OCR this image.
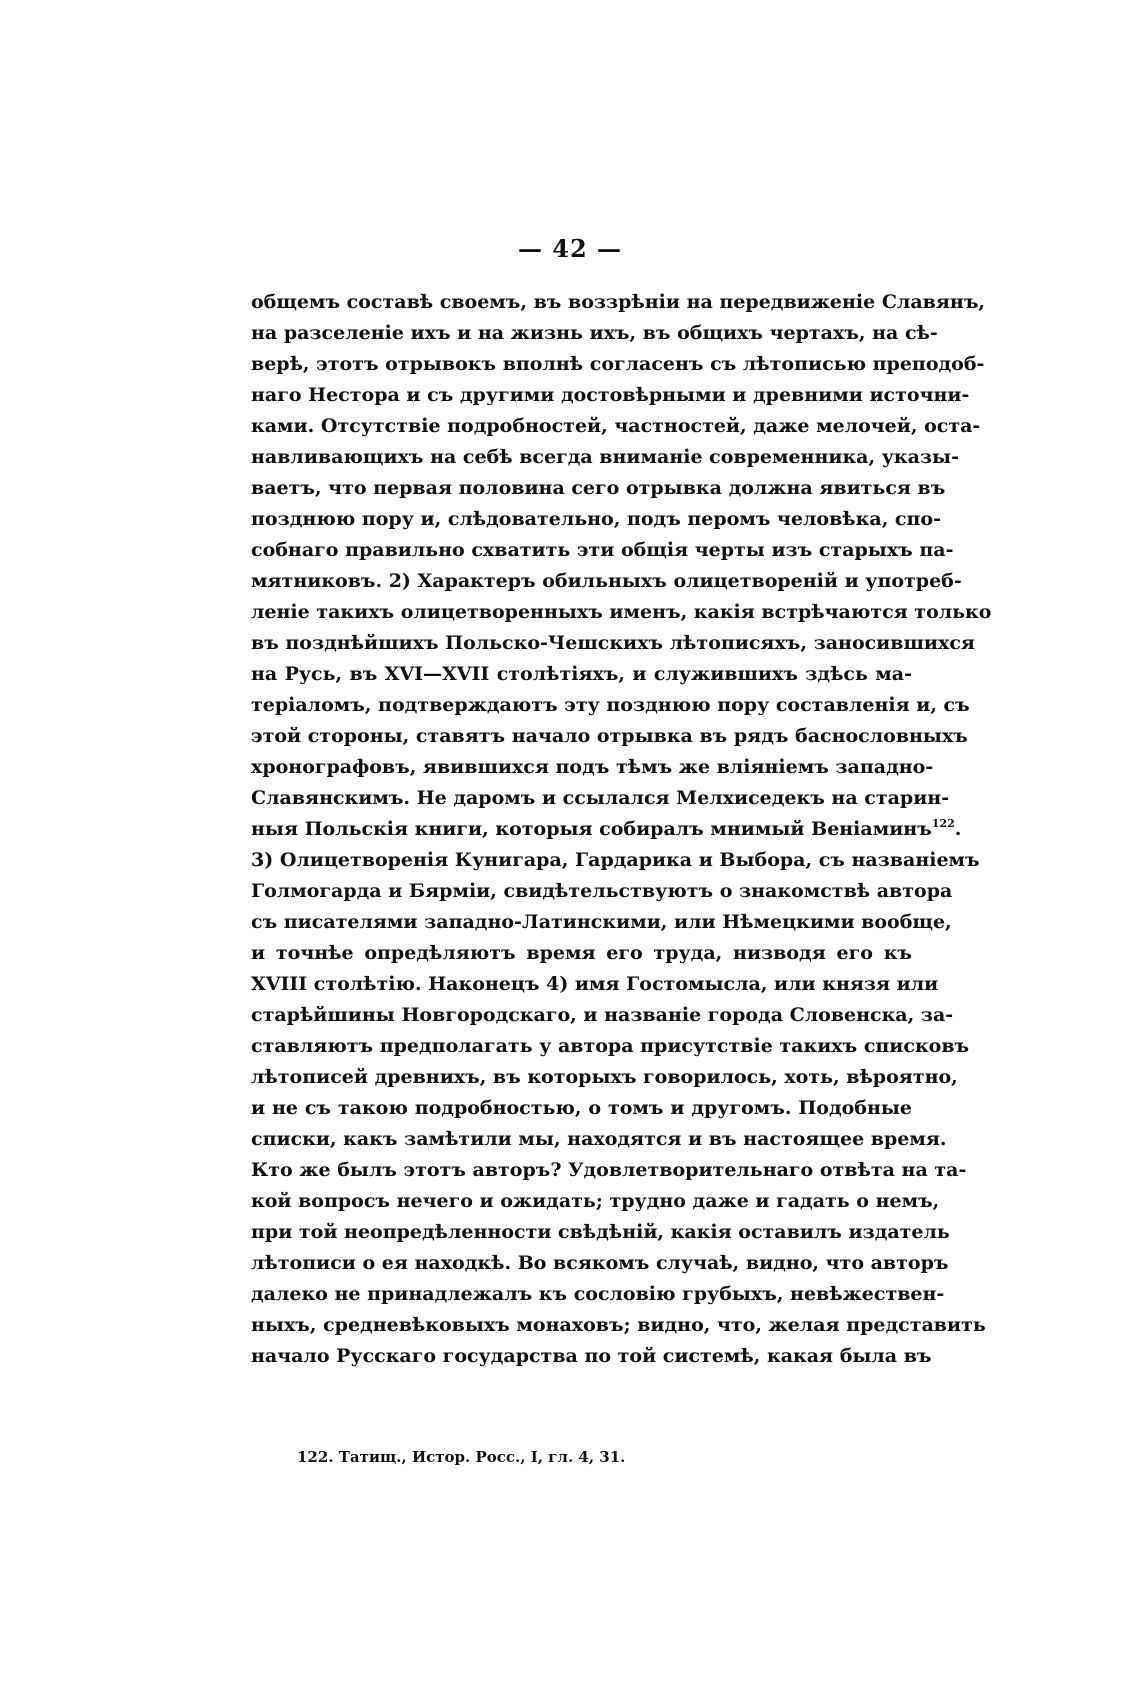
— 42 —
общемъ составѣ своемъ, въ воззрѣніи на передвиженіе Славянъ,
на разселеніе ихъ и на жизнь ихъ, въ общихъ чертахъ, на сѣ-
верѣ, этотъ отрывокъ вполнѣ согласенъ съ лѣтописью преподоб-
наго Нестора и съ другими достовѣрными и древними источни-
ками. Отсутствіе подробностей, частностей, даже мелочей, оста-
навливающихъ на себѣ всегда вниманіе современника, указы-
ваетъ, что первая половина сего отрывка должна явиться въ
позднюю пору и, слѣдовательно, подъ перомъ человѣка, спо-
собнаго правильно схватить эти общія черты изъ старыхъ па-
мятниковъ. 2) Характеръ обильныхъ олицетвореній и употреб-
леніе такихъ олицетворенныхъ именъ, какія встрѣчаются только
въ позднѣйшихъ Польско-Чешскихъ лѣтописяхъ, заносившихся
на Русь, въ XVI—XVII столѣтіяхъ, и служившихъ здѣсь ма-
теріаломъ, подтверждаютъ эту позднюю пору составленія и, съ
этой стороны, ставятъ начало отрывка въ рядъ баснословныхъ
хронографовъ, явившихся подъ тѣмъ же вліяніемъ западно-
Славянскимъ. Не даромъ и ссылался Мелхиседекъ на старин-
ныя Польскія книги, которыя собиралъ мнимый Веніаминъ$^{122}$.
3) Олицетворенія Кунигара, Гардарика и Выбора, съ названіемъ
Голмогарда и Бярміи, свидѣтельствуютъ о знакомствѣ автора
съ писателями западно-Латинскими, или Нѣмецкими вообще,
и точнѣе опредѣляютъ время его труда, низводя его къ
XVIII столѣтію. Наконецъ 4) имя Гостомысла, или князя или
старѣйшины Новгородскаго, и названіе города Словенска, за-
ставляютъ предполагать у автора присутствіе такихъ списковъ
лѣтописей древнихъ, въ которыхъ говорилось, хоть, вѣроятно,
и не съ такою подробностью, о томъ и другомъ. Подобные
списки, какъ замѣтили мы, находятся и въ настоящее время.
Кто же былъ этотъ авторъ? Удовлетворительнаго отвѣта на та-
кой вопросъ нечего и ожидать; трудно даже и гадать о немъ,
при той неопредѣленности свѣдѣній, какія оставилъ издатель
лѣтописи о ея находкѣ. Во всякомъ случаѣ, видно, что авторъ
далеко не принадлежалъ къ сословію грубыхъ, невѣжествен-
ныхъ, средневѣковыхъ монаховъ; видно, что, желая представить
начало Русскаго государства по той системѣ, какая была въ
122. Татищ., Истор. Росс., I, гл. 4, 31.
